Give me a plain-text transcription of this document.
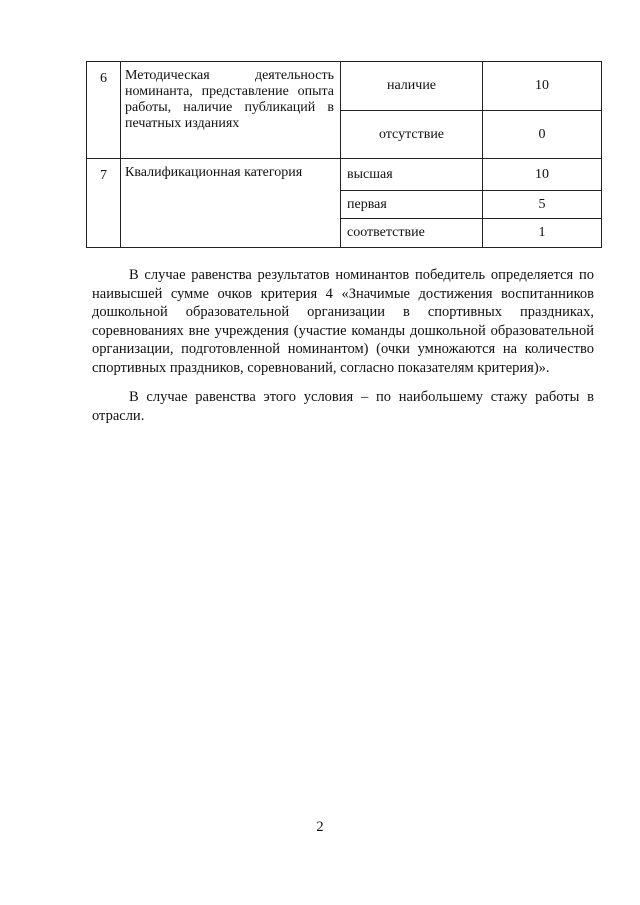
6	Методическая деятельность номинанта, представление опыта работы, наличие публикаций в печатных изданиях	наличие	10
		отсутствие	0
7	Квалификационная категория	высшая	10
		первая	5
		соответствие	1

В случае равенства результатов номинантов победитель определяется по наивысшей сумме очков критерия 4 «Значимые достижения воспитанников дошкольной образовательной организации в спортивных праздниках, соревнованиях вне учреждения (участие команды дошкольной образовательной организации, подготовленной номинантом) (очки умножаются на количество спортивных праздников, соревнований, согласно показателям критерия)».

В случае равенства этого условия – по наибольшему стажу работы в отрасли.

2
